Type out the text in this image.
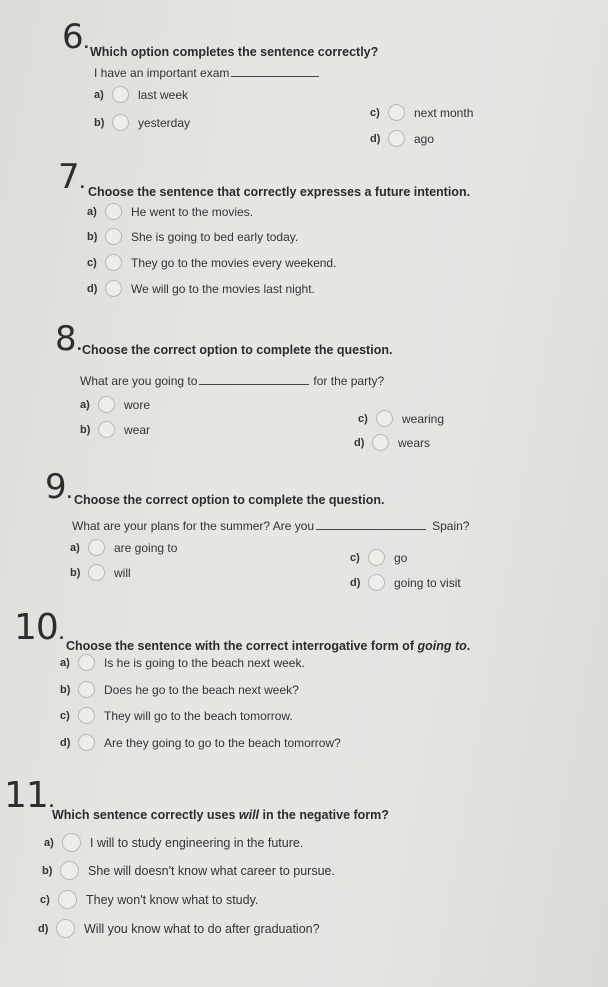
6. Which option completes the sentence correctly?
I have an important exam
a)	last week
b)	yesterday
c)	next month
d)	ago
7. Choose the sentence that correctly expresses a future intention.
a)	He went to the movies.
b)	She is going to bed early today.
c)	They go to the movies every weekend.
d)	We will go to the movies last night.
8. Choose the correct option to complete the question.
What are you going to	for the party?
a)	wore
b)	wear
c)	wearing
d)	wears
9. Choose the correct option to complete the question.
What are your plans for the summer? Are you	Spain?
a)	are going to
b)	will
c)	go
d)	going to visit
10.
Choose the sentence with the correct interrogative form of going to.
a)	Is he is going to the beach next week.
b)	Does he go to the beach next week?
c)	They will go to the beach tomorrow.
d)	Are they going to go to the beach tomorrow?
11.
Which sentence correctly uses will in the negative form?
a)	I will to study engineering in the future.
b)	She will doesn't know what career to pursue.
c)	They won't know what to study.
d)	Will you know what to do after graduation?
